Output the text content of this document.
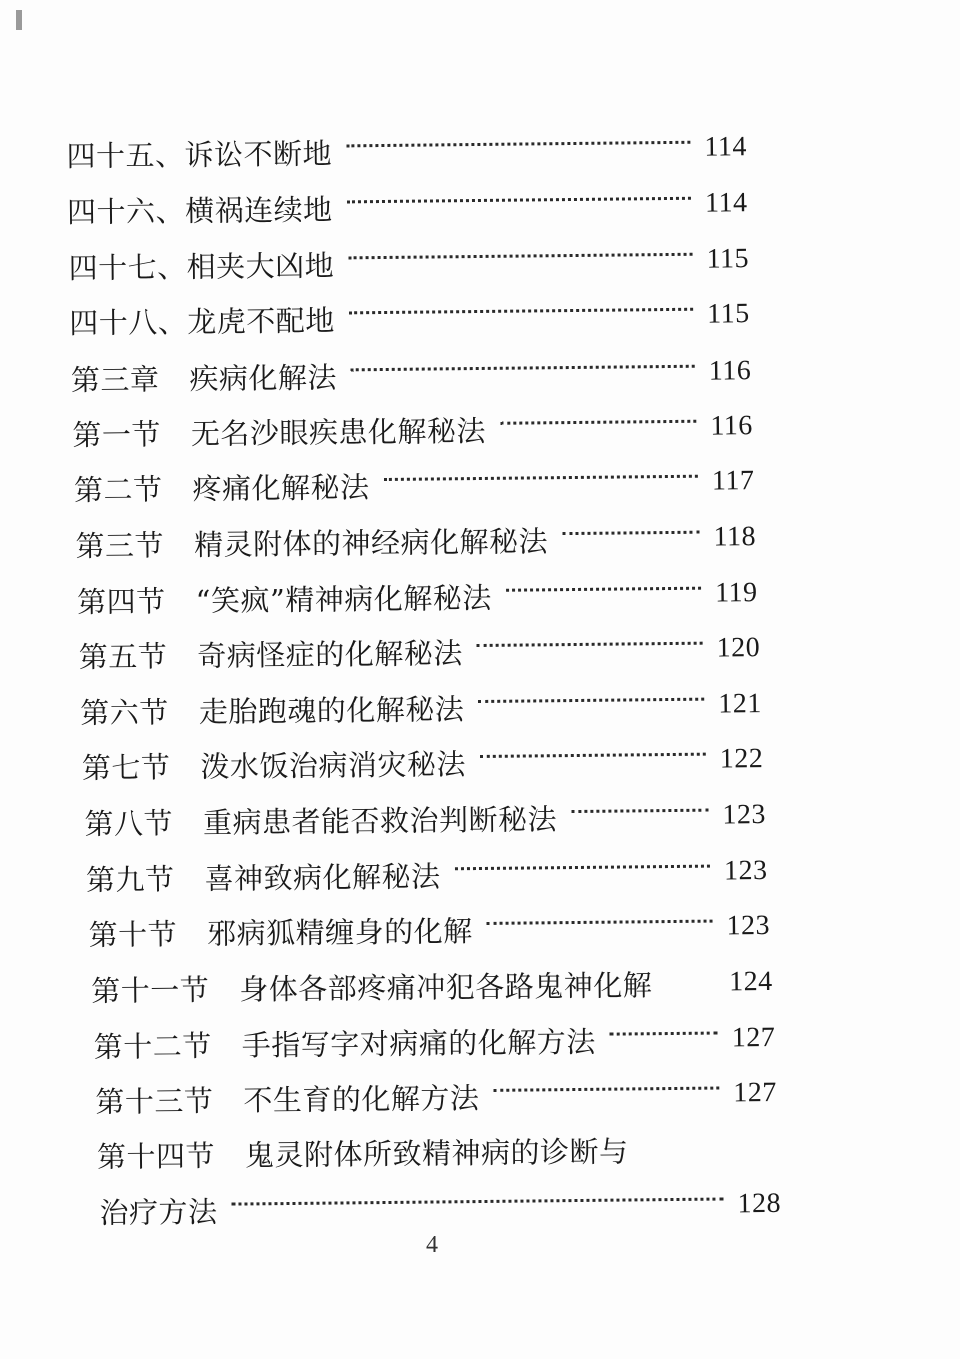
四十五、 诉讼不断地	114
四十六、 横祸连续地	114
四十七、 相夹大凶地	115
四十八、 龙虎不配地	115
第三章 疾病化解法	116
第一节 无名沙眼疾患化解秘法	116
第二节 疼痛化解秘法	117
第三节 精灵附体的神经病化解秘法	118
第四节 “笑疯”精神病化解秘法	119
第五节 奇病怪症的化解秘法	120
第六节 走胎跑魂的化解秘法	121
第七节 泼水饭治病消灾秘法	122
第八节 重病患者能否救治判断秘法	123
第九节 喜神致病化解秘法	123
第十节 邪病狐精缠身的化解	123
第十一节 身体各部疼痛冲犯各路鬼神化解	124
第十二节 手指写字对病痛的化解方法	127
第十三节 不生育的化解方法	127
第十四节 鬼灵附体所致精神病的诊断与
治疗方法	128
4
